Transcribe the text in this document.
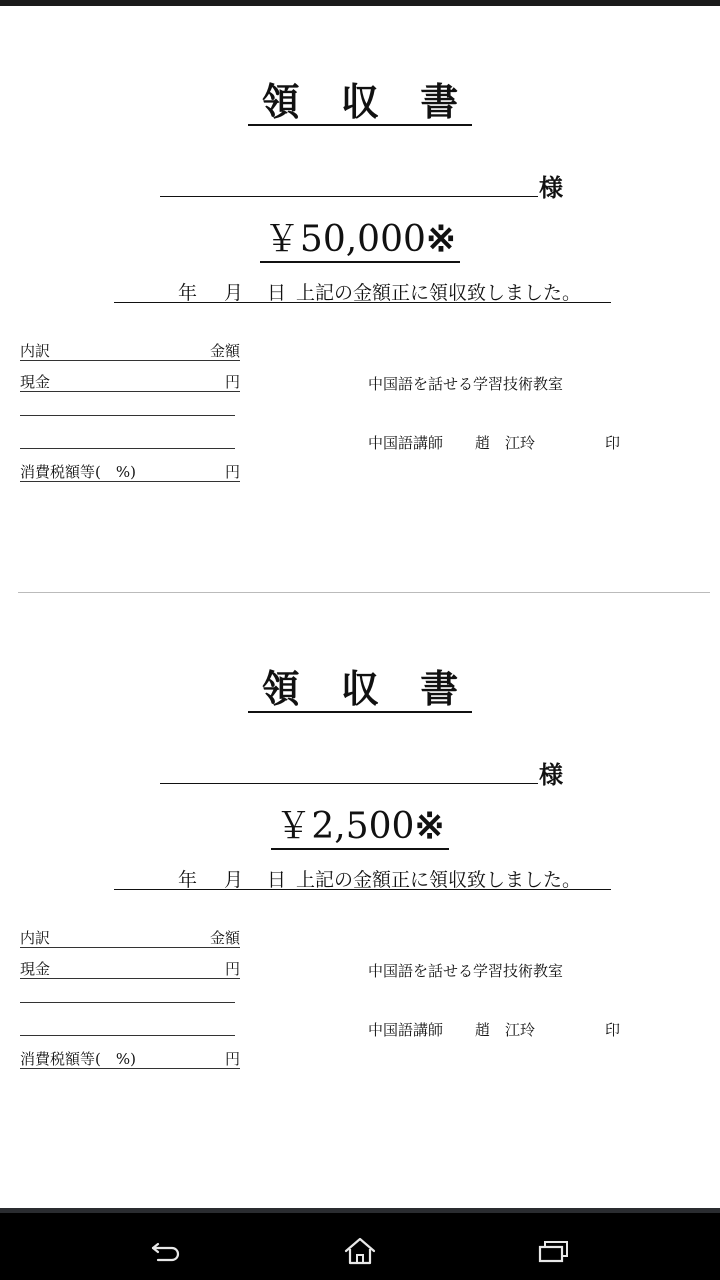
領 収 書
様
￥50,000※
年 月 日 上記の金額正に領収致しました。
内訳	金額
現金	円
消費税額等(　%)	円
中国語を話せる学習技術教室
中国語講師 趙　江玲	印
領 収 書
様
￥2,500※
年 月 日 上記の金額正に領収致しました。
内訳	金額
現金	円
消費税額等(　%)	円
中国語を話せる学習技術教室
中国語講師 趙　江玲	印
